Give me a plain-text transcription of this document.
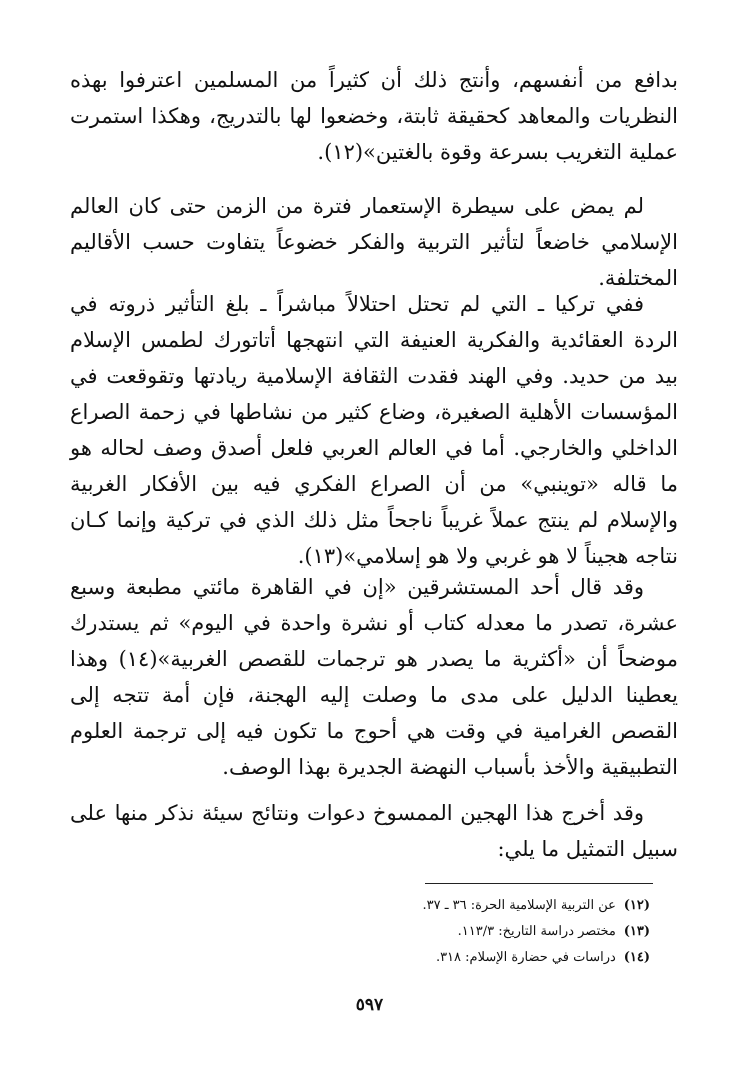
بدافع من أنفسهم، وأنتج ذلك أن كثيراً من المسلمين اعترفوا بهذه النظريات والمعاهد كحقيقة ثابتة، وخضعوا لها بالتدريج، وهكذا استمرت عملية التغريب بسرعة وقوة بالغتين»(١٢).

لم يمض على سيطرة الإستعمار فترة من الزمن حتى كان العالم الإسلامي خاضعاً لتأثير التربية والفكر خضوعاً يتفاوت حسب الأقاليم المختلفة.

ففي تركيا ـ التي لم تحتل احتلالاً مباشراً ـ بلغ التأثير ذروته في الردة العقائدية والفكرية العنيفة التي انتهجها أتاتورك لطمس الإسلام بيد من حديد. وفي الهند فقدت الثقافة الإسلامية ريادتها وتقوقعت في المؤسسات الأهلية الصغيرة، وضاع كثير من نشاطها في زحمة الصراع الداخلي والخارجي. أما في العالم العربي فلعل أصدق وصف لحاله هو ما قاله «توينبي» من أن الصراع الفكري فيه بين الأفكار الغربية والإسلام لم ينتج عملاً غريباً ناجحاً مثل ذلك الذي في تركية وإنما كـان نتاجه هجيناً لا هو غربي ولا هو إسلامي»(١٣).

وقد قال أحد المستشرقين «إن في القاهرة مائتي مطبعة وسبع عشرة، تصدر ما معدله كتاب أو نشرة واحدة في اليوم» ثم يستدرك موضحاً أن «أكثرية ما يصدر هو ترجمات للقصص الغربية»(١٤) وهذا يعطينا الدليل على مدى ما وصلت إليه الهجنة، فإن أمة تتجه إلى القصص الغرامية في وقت هي أحوج ما تكون فيه إلى ترجمة العلوم التطبيقية والأخذ بأسباب النهضة الجديرة بهذا الوصف.

وقد أخرج هذا الهجين الممسوخ دعوات ونتائج سيئة نذكر منها على سبيل التمثيل ما يلي:

(١٢) عن التربية الإسلامية الحرة: ٣٦ ـ ٣٧.
(١٣) مختصر دراسة التاريخ: ١١٣/٣.
(١٤) دراسات في حضارة الإسلام: ٣١٨.
٥٩٧
